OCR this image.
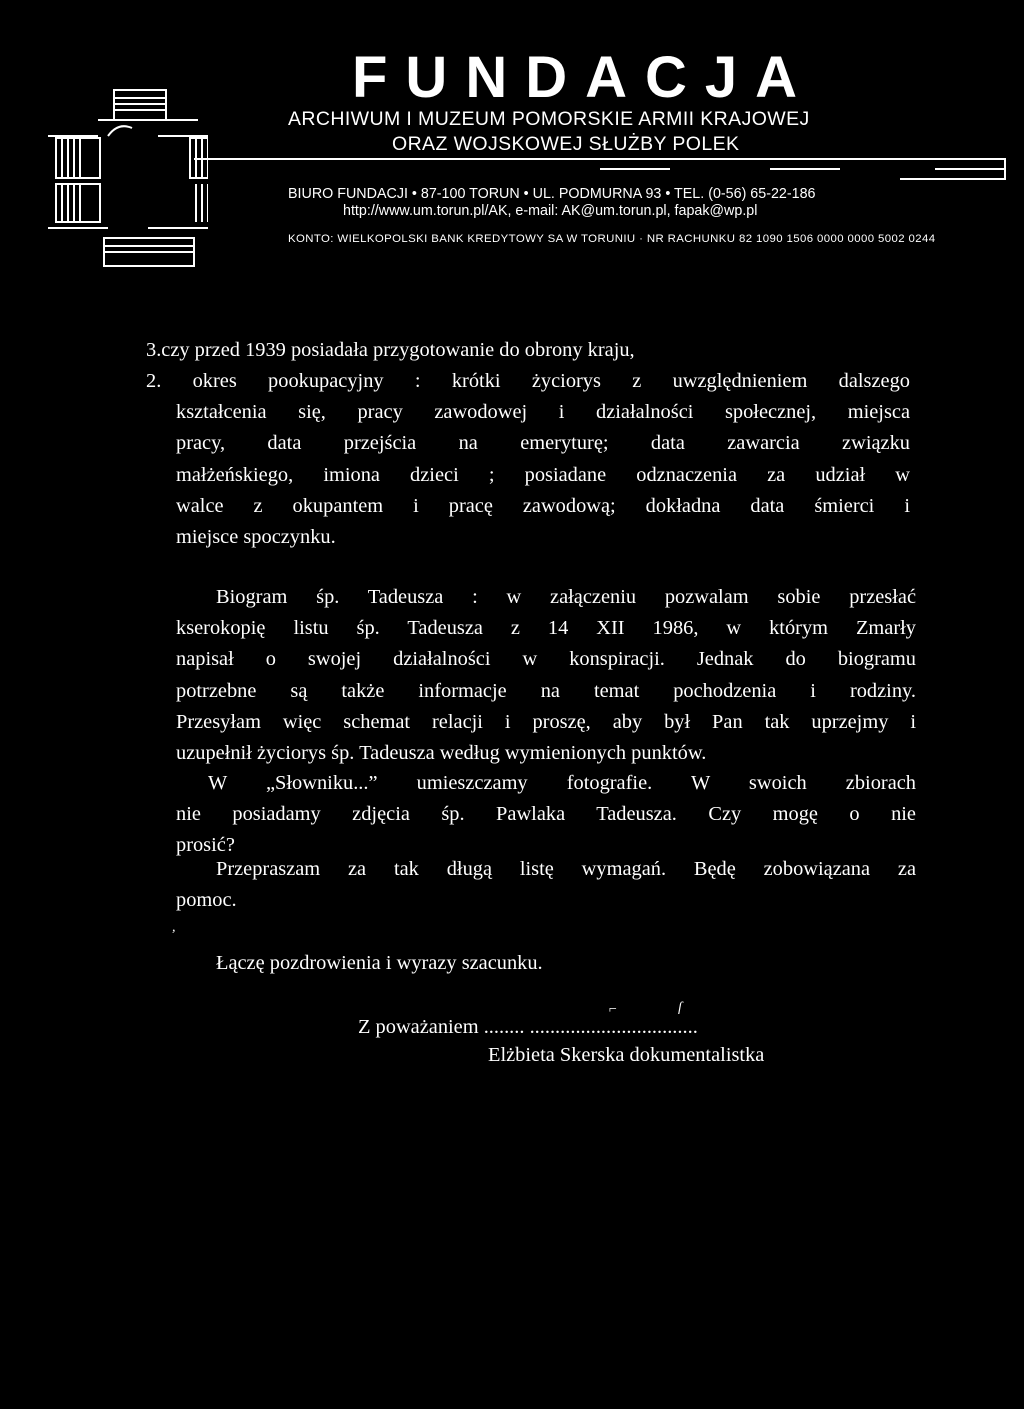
FUNDACJA
ARCHIWUM I MUZEUM POMORSKIE ARMII KRAJOWEJ
ORAZ WOJSKOWEJ SŁUŻBY POLEK
BIURO FUNDACJI • 87-100 TORUN • UL. PODMURNA 93 • TEL. (0-56) 65-22-186
http://www.um.torun.pl/AK, e-mail: AK@um.torun.pl, fapak@wp.pl
KONTO: WIELKOPOLSKI BANK KREDYTOWY SA W TORUNIU · NR RACHUNKU 82 1090 1506 0000 0000 5002 0244
3.czy przed 1939 posiadała przygotowanie do obrony kraju,
2. okres pookupacyjny : krótki życiorys z uwzględnieniem dalszego
kształcenia się, pracy zawodowej i działalności społecznej, miejsca
pracy, data przejścia na emeryturę; data zawarcia związku
małżeńskiego, imiona dzieci ; posiadane odznaczenia za udział w
walce z okupantem i pracę zawodową; dokładna data śmierci i
miejsce spoczynku.
Biogram śp. Tadeusza : w załączeniu pozwalam sobie przesłać
kserokopię listu śp. Tadeusza z 14 XII 1986, w którym Zmarły
napisał o swojej działalności w konspiracji. Jednak do biogramu
potrzebne są także informacje na temat pochodzenia i rodziny.
Przesyłam więc schemat relacji i proszę, aby był Pan tak uprzejmy i
uzupełnił życiorys śp. Tadeusza według wymienionych punktów.
W „Słowniku...” umieszczamy fotografie. W swoich zbiorach
nie posiadamy zdjęcia śp. Pawlaka Tadeusza. Czy mogę o nie
prosić?
Przepraszam za tak długą listę wymagań. Będę zobowiązana za
pomoc.
,
Łączę pozdrowienia i wyrazy szacunku.
⌐	ſ
Z poważaniem ........ .................................
Elżbieta Skerska dokumentalistka
